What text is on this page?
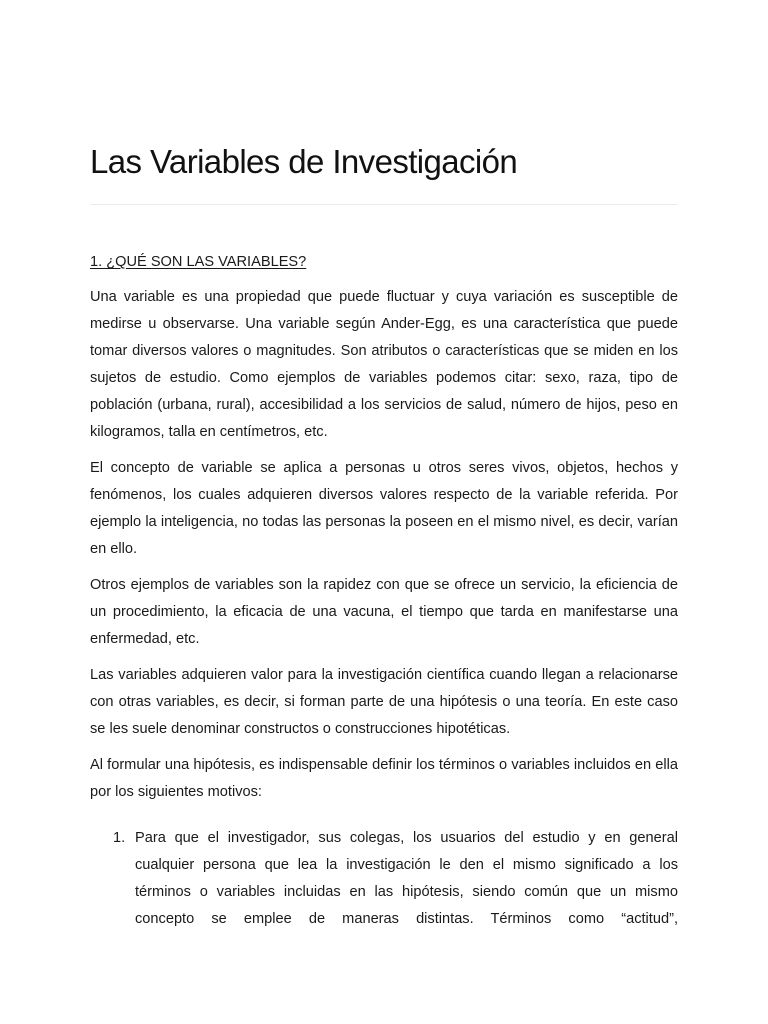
Las Variables de Investigación
1. ¿QUÉ SON LAS VARIABLES?

Una variable es una propiedad que puede fluctuar y cuya variación es susceptible de medirse u observarse. Una variable según Ander-Egg, es una característica que puede tomar diversos valores o magnitudes. Son atributos o características que se miden en los sujetos de estudio. Como ejemplos de variables podemos citar: sexo, raza, tipo de población (urbana, rural), accesibilidad a los servicios de salud, número de hijos, peso en kilogramos, talla en centímetros, etc.

El concepto de variable se aplica a personas u otros seres vivos, objetos, hechos y fenómenos, los cuales adquieren diversos valores respecto de la variable referida. Por ejemplo la inteligencia, no todas las personas la poseen en el mismo nivel, es decir, varían en ello.

Otros ejemplos de variables son la rapidez con que se ofrece un servicio, la eficiencia de un procedimiento, la eficacia de una vacuna, el tiempo que tarda en manifestarse una enfermedad, etc.

Las variables adquieren valor para la investigación científica cuando llegan a relacionarse con otras variables, es decir, si forman parte de una hipótesis o una teoría. En este caso se les suele denominar constructos o construcciones hipotéticas.

Al formular una hipótesis, es indispensable definir los términos o variables incluidos en ella por los siguientes motivos:

1. Para que el investigador, sus colegas, los usuarios del estudio y en general cualquier persona que lea la investigación le den el mismo significado a los términos o variables incluidas en las hipótesis, siendo común que un mismo concepto se emplee de maneras distintas. Términos como “actitud”,
